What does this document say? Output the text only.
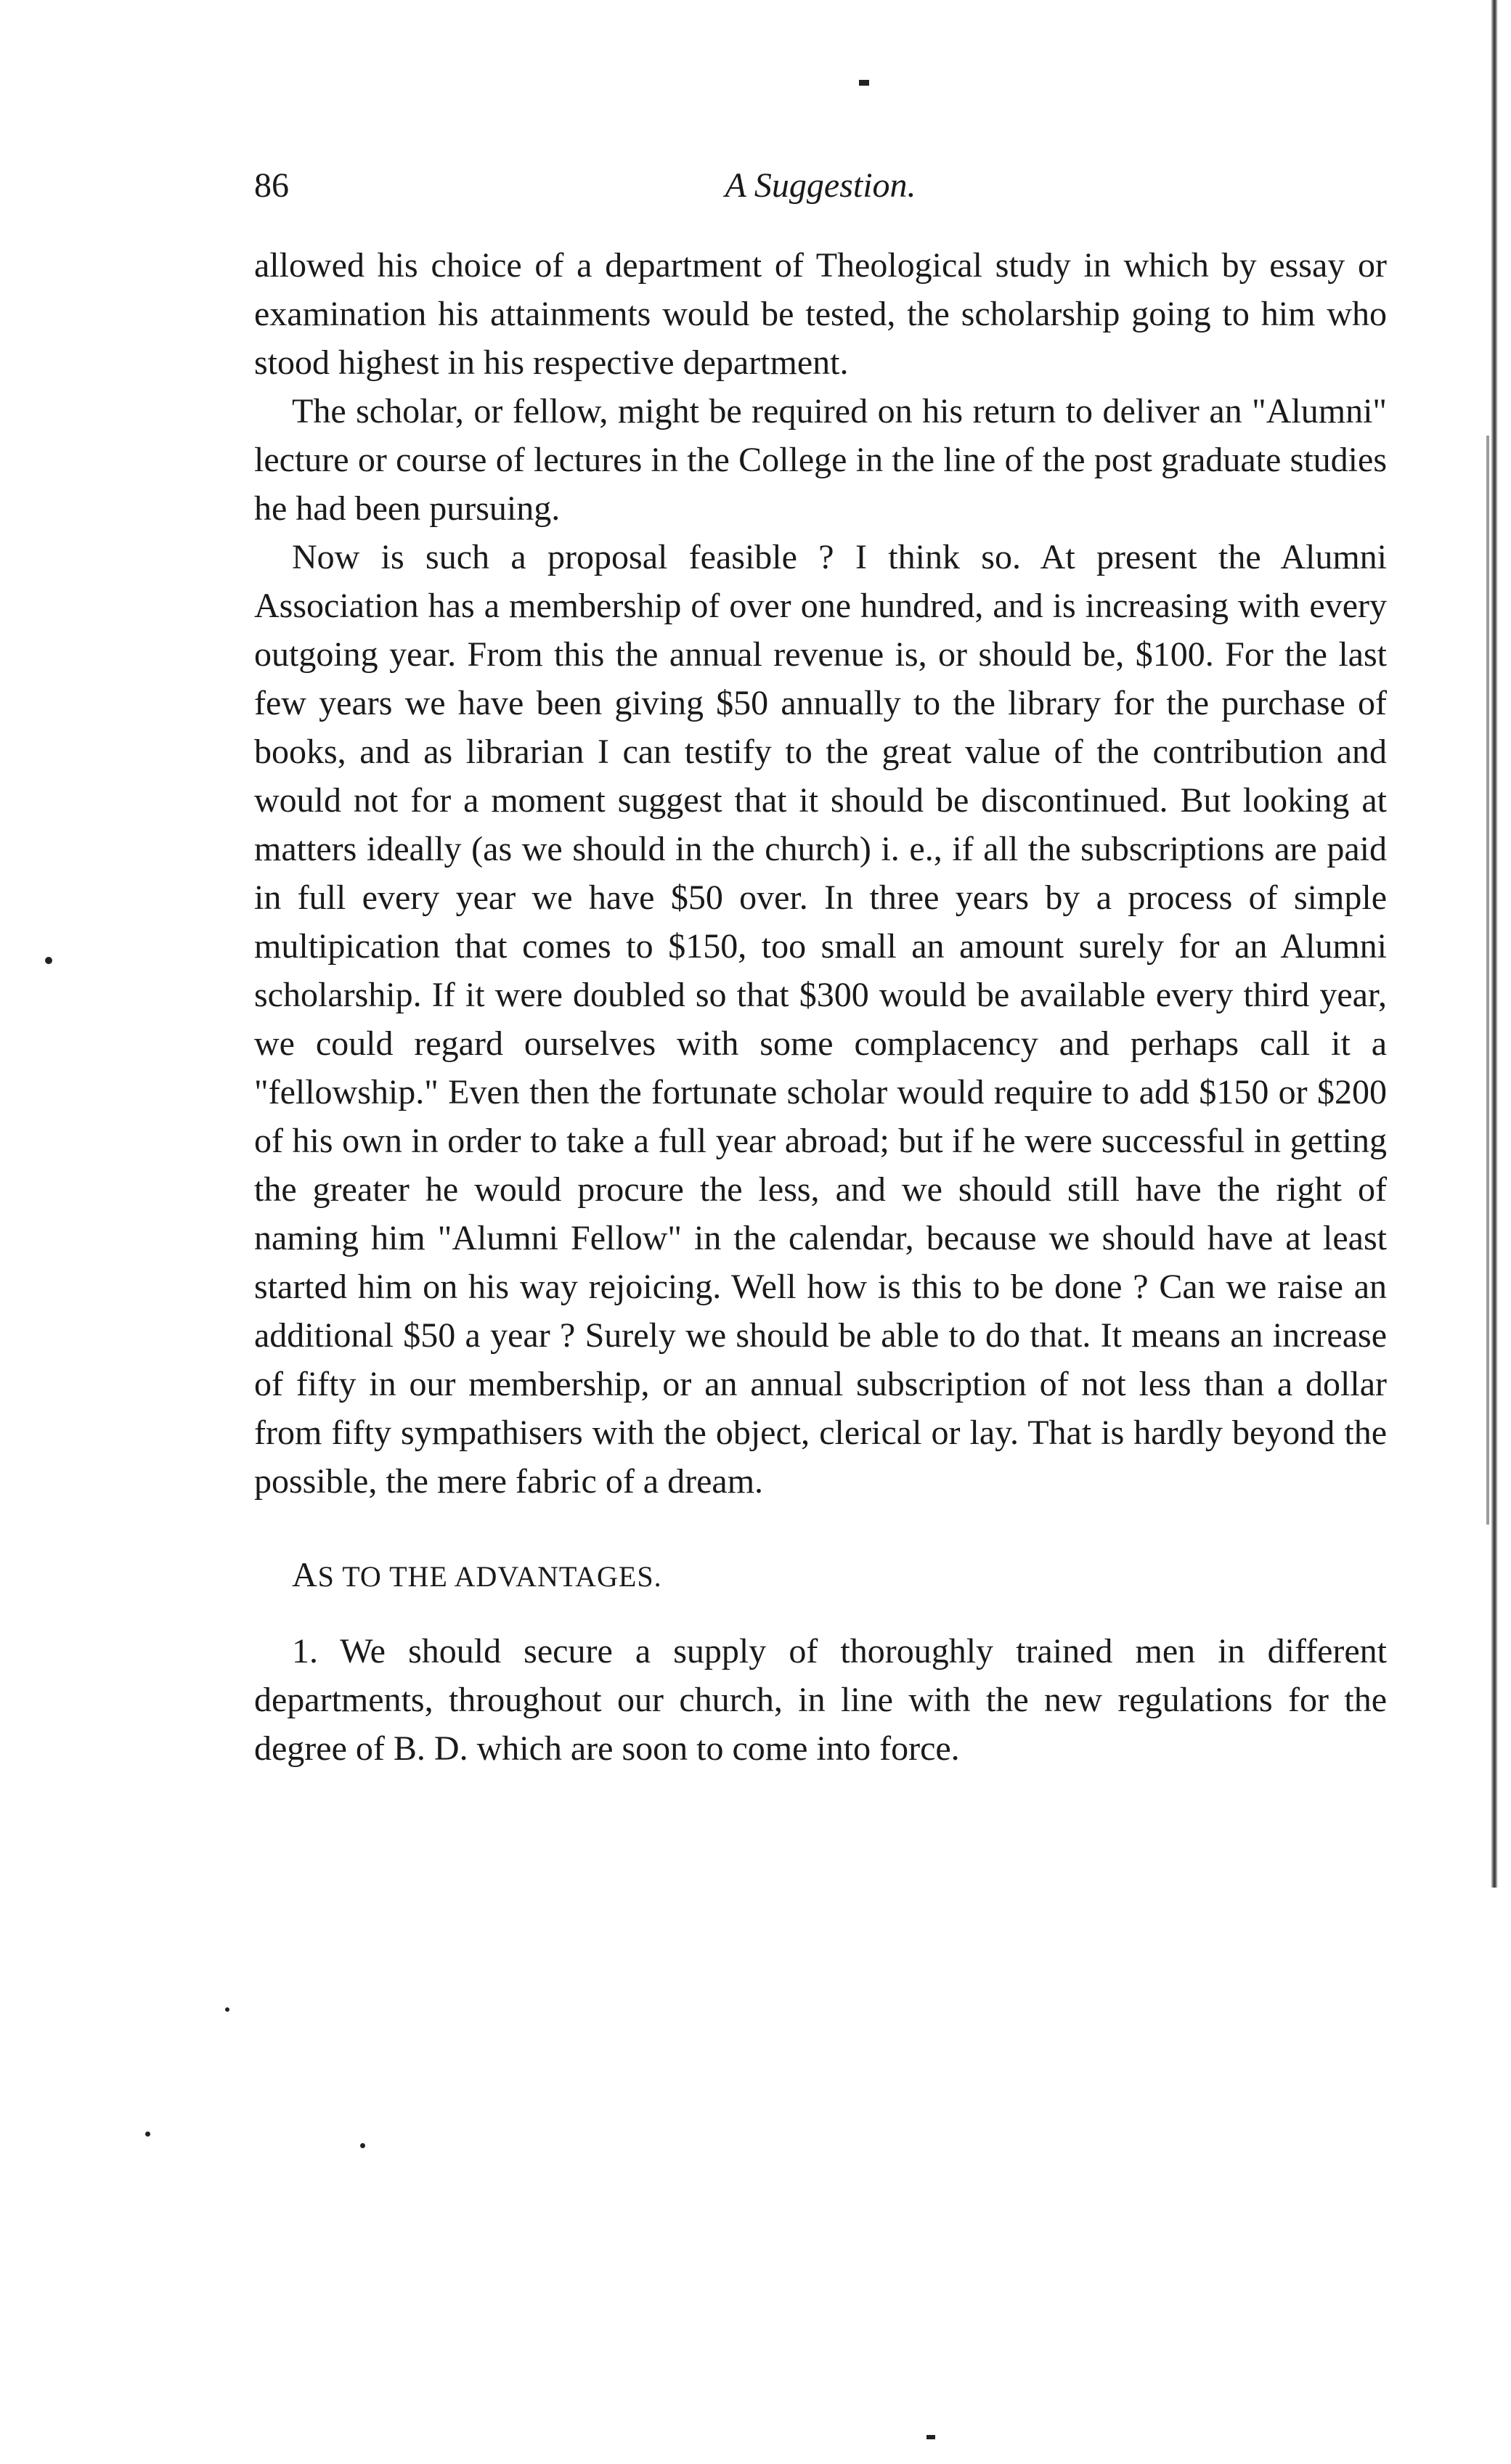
86	A Suggestion.

allowed his choice of a department of Theological study in which by essay or examination his attainments would be tested, the scholarship going to him who stood highest in his respective department.

The scholar, or fellow, might be required on his return to deliver an "Alumni" lecture or course of lectures in the College in the line of the post graduate studies he had been pursuing.

Now is such a proposal feasible ? I think so. At present the Alumni Association has a membership of over one hundred, and is increasing with every outgoing year. From this the annual revenue is, or should be, $100. For the last few years we have been giving $50 annually to the library for the purchase of books, and as librarian I can testify to the great value of the contribution and would not for a moment suggest that it should be discontinued. But looking at matters ideally (as we should in the church) i. e., if all the subscriptions are paid in full every year we have $50 over. In three years by a process of simple multipication that comes to $150, too small an amount surely for an Alumni scholarship. If it were doubled so that $300 would be available every third year, we could regard ourselves with some complacency and perhaps call it a "fellowship." Even then the fortunate scholar would require to add $150 or $200 of his own in order to take a full year abroad; but if he were successful in getting the greater he would procure the less, and we should still have the right of naming him "Alumni Fellow" in the calendar, because we should have at least started him on his way rejoicing. Well how is this to be done ? Can we raise an additional $50 a year ? Surely we should be able to do that. It means an increase of fifty in our membership, or an annual subscription of not less than a dollar from fifty sympathisers with the object, clerical or lay. That is hardly beyond the possible, the mere fabric of a dream.

AS TO THE ADVANTAGES.

1. We should secure a supply of thoroughly trained men in different departments, throughout our church, in line with the new regulations for the degree of B. D. which are soon to come into force.
